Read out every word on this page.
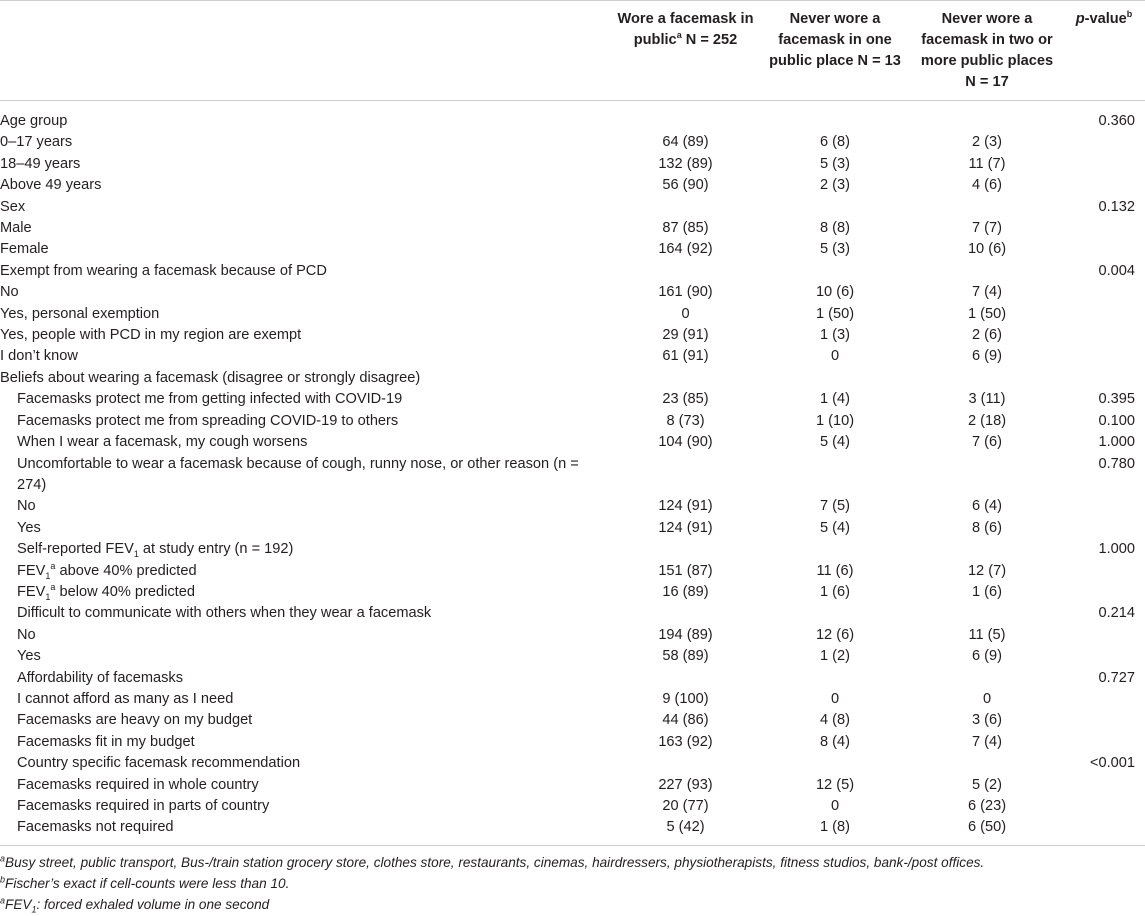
	Wore a facemask in public$^a$ N = 252	Never wore a facemask in one public place N = 13	Never wore a facemask in two or more public places N = 17	p-value$^b$
Age group				0.360
0–17 years	64 (89)	6 (8)	2 (3)	
18–49 years	132 (89)	5 (3)	11 (7)	
Above 49 years	56 (90)	2 (3)	4 (6)	
Sex				0.132
Male	87 (85)	8 (8)	7 (7)	
Female	164 (92)	5 (3)	10 (6)	
Exempt from wearing a facemask because of PCD				0.004
No	161 (90)	10 (6)	7 (4)	
Yes, personal exemption	0	1 (50)	1 (50)	
Yes, people with PCD in my region are exempt	29 (91)	1 (3)	2 (6)	
I don’t know	61 (91)	0	6 (9)	
Beliefs about wearing a facemask (disagree or strongly disagree)				
Facemasks protect me from getting infected with COVID-19	23 (85)	1 (4)	3 (11)	0.395
Facemasks protect me from spreading COVID-19 to others	8 (73)	1 (10)	2 (18)	0.100
When I wear a facemask, my cough worsens	104 (90)	5 (4)	7 (6)	1.000
Uncomfortable to wear a facemask because of cough, runny nose, or other reason (n = 274)				0.780
No	124 (91)	7 (5)	6 (4)	
Yes	124 (91)	5 (4)	8 (6)	
Self-reported $FEV_1$ at study entry (n = 192)				1.000
$FEV_1^a$ above 40% predicted	151 (87)	11 (6)	12 (7)	
$FEV_1^a$ below 40% predicted	16 (89)	1 (6)	1 (6)	
Difficult to communicate with others when they wear a facemask				0.214
No	194 (89)	12 (6)	11 (5)	
Yes	58 (89)	1 (2)	6 (9)	
Affordability of facemasks				0.727
I cannot afford as many as I need	9 (100)	0	0	
Facemasks are heavy on my budget	44 (86)	4 (8)	3 (6)	
Facemasks fit in my budget	163 (92)	8 (4)	7 (4)	
Country specific facemask recommendation				<0.001
Facemasks required in whole country	227 (93)	12 (5)	5 (2)	
Facemasks required in parts of country	20 (77)	0	6 (23)	
Facemasks not required	5 (42)	1 (8)	6 (50)	
$^a$Busy street, public transport, Bus-/train station grocery store, clothes store, restaurants, cinemas, hairdressers, physiotherapists, fitness studios, bank-/post offices.
$^b$Fischer’s exact if cell-counts were less than 10.
$^aFEV_1$: forced exhaled volume in one second
